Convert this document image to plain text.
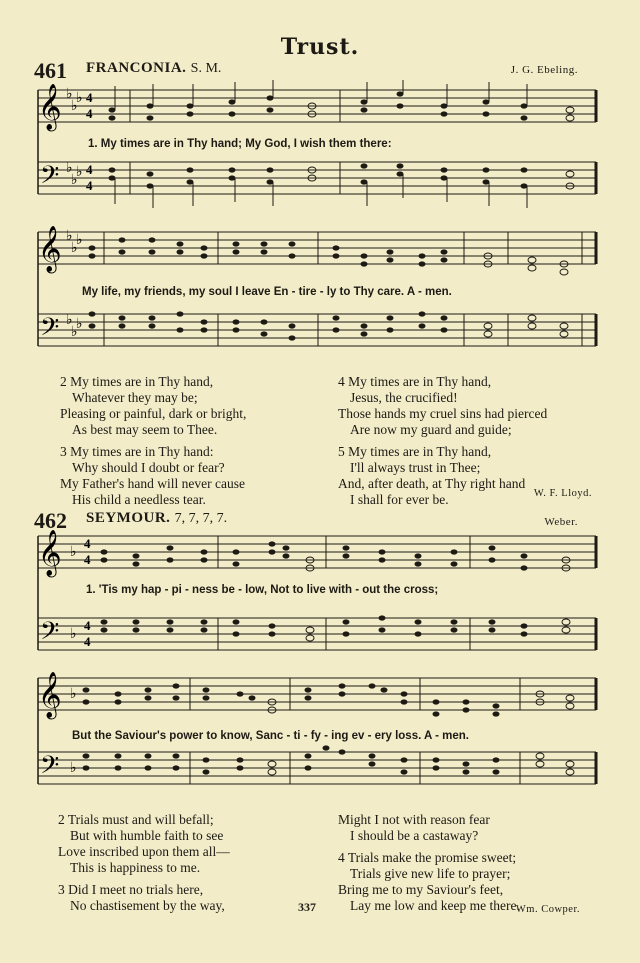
Trust.
461 FRANCONIA. S. M.	J. G. Ebeling.
𝄞
𝄢
♭
♭
♭
♭
♭
♭
4
4
4
4
1. My times are in Thy hand; My God, I wish them there:
𝄞
𝄢
♭
♭
♭
♭
♭
♭
My life, my friends, my soul I leave En - tire - ly to Thy care. A - men.
2 My times are in Thy hand,
Whatever they may be;
Pleasing or painful, dark or bright,
As best may seem to Thee.
3 My times are in Thy hand:
Why should I doubt or fear?
My Father's hand will never cause
His child a needless tear.
4 My times are in Thy hand,
Jesus, the crucified!
Those hands my cruel sins had pierced
Are now my guard and guide;
5 My times are in Thy hand,
I'll always trust in Thee;
And, after death, at Thy right hand
I shall for ever be.	W. F. Lloyd.
462 SEYMOUR. 7, 7, 7, 7.	Weber.
𝄞
𝄢
♭
♭
4
4
4
4
1. 'Tis my hap - pi - ness be - low, Not to live with - out the cross;
𝄞
𝄢
♭
♭
But the Saviour's power to know, Sanc - ti - fy - ing ev - ery loss. A - men.
2 Trials must and will befall;
But with humble faith to see
Love inscribed upon them all—
This is happiness to me.
3 Did I meet no trials here,
No chastisement by the way,
Might I not with reason fear
I should be a castaway?
4 Trials make the promise sweet;
Trials give new life to prayer;
Bring me to my Saviour's feet,
Lay me low and keep me there.
337	Wm. Cowper.
